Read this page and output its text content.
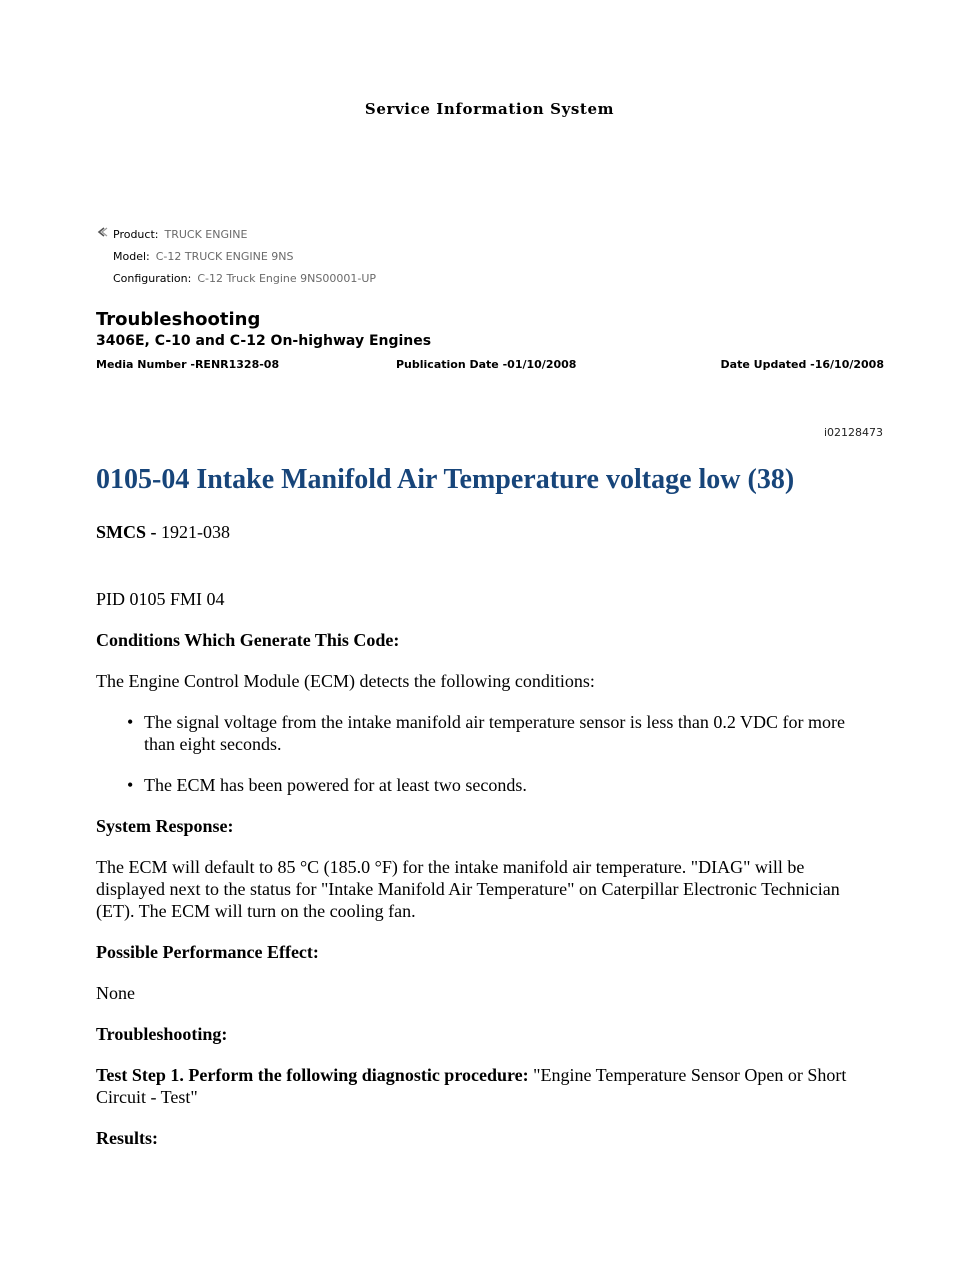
Service Information System
Product: TRUCK ENGINE
Model: C-12 TRUCK ENGINE 9NS
Configuration: C-12 Truck Engine 9NS00001-UP
Troubleshooting
3406E, C-10 and C-12 On-highway Engines
Media Number -RENR1328-08	Publication Date -01/10/2008	Date Updated -16/10/2008
i02128473
0105-04 Intake Manifold Air Temperature voltage low (38)

SMCS - 1921-038

PID 0105 FMI 04

Conditions Which Generate This Code:

The Engine Control Module (ECM) detects the following conditions:

• The signal voltage from the intake manifold air temperature sensor is less than 0.2 VDC for more than eight seconds.
• The ECM has been powered for at least two seconds.

System Response:

The ECM will default to 85 °C (185.0 °F) for the intake manifold air temperature. "DIAG" will be displayed next to the status for "Intake Manifold Air Temperature" on Caterpillar Electronic Technician (ET). The ECM will turn on the cooling fan.

Possible Performance Effect:

None

Troubleshooting:

Test Step 1. Perform the following diagnostic procedure: "Engine Temperature Sensor Open or Short Circuit - Test"

Results:
